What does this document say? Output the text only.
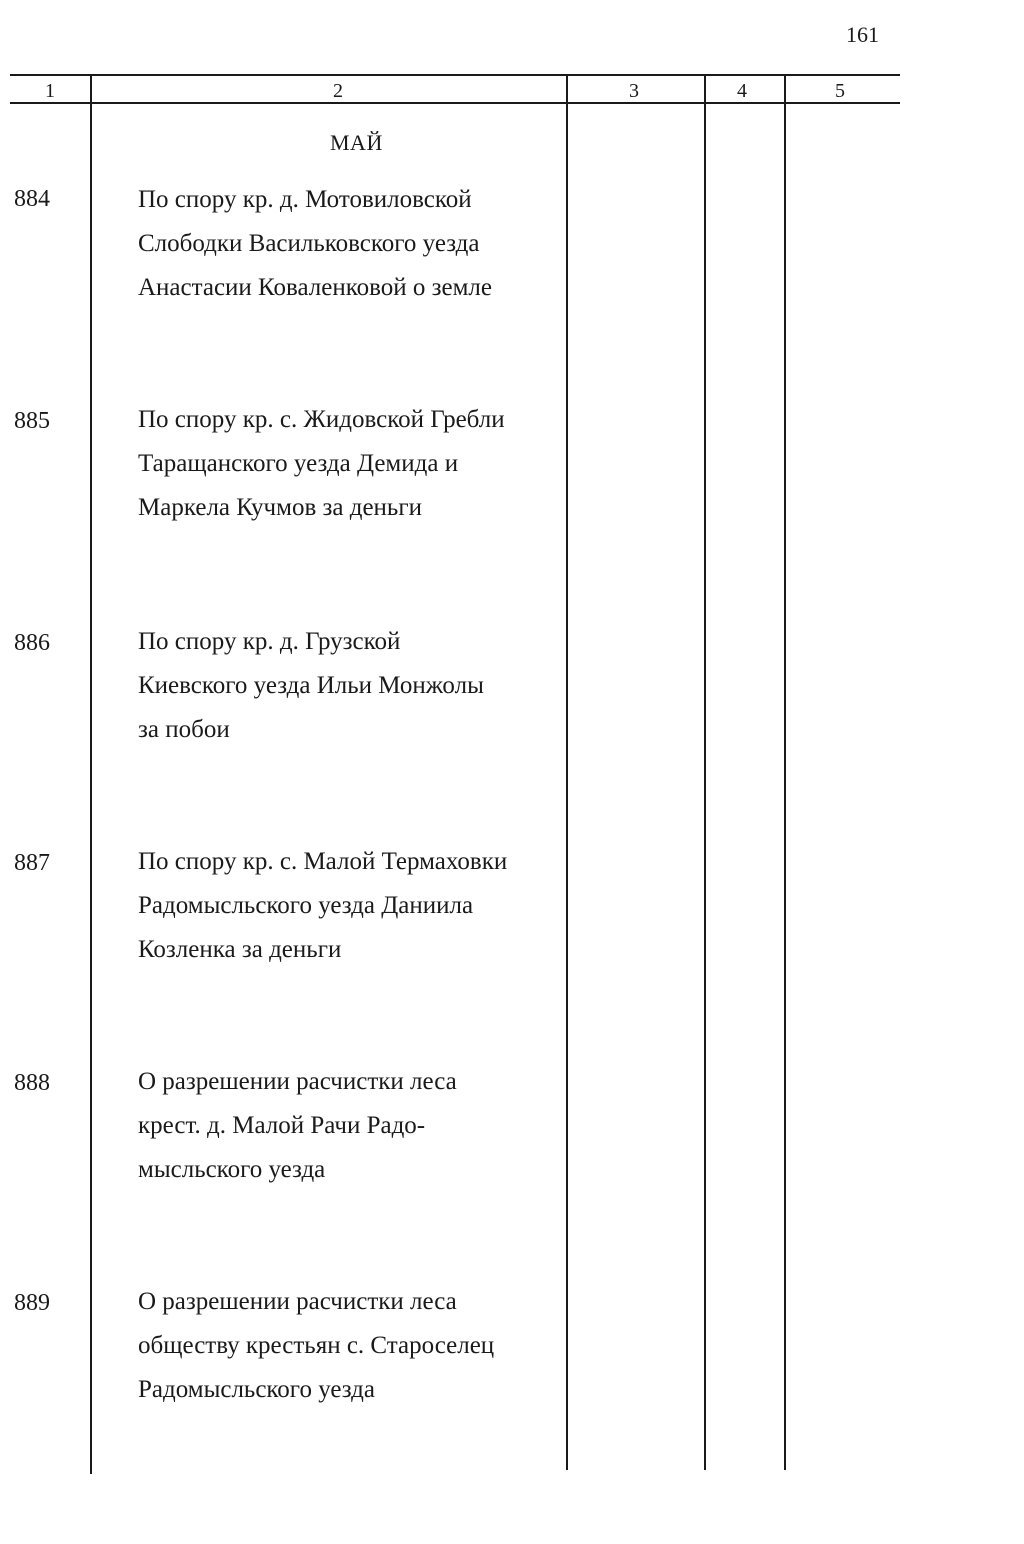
161
1	2	3	4	5
МАЙ
884	По спору кр. д. Мотовиловской
Слободки Васильковского уезда
Анастасии Коваленковой о земле
885	По спору кр. с. Жидовской Гребли
Таращанского уезда Демида и
Маркела Кучмов за деньги
886	По спору кр. д. Грузской
Киевского уезда Ильи Монжолы
за побои
887	По спору кр. с. Малой Термаховки
Радомысльского уезда Даниила
Козленка за деньги
888	О разрешении расчистки леса
крест. д. Малой Рачи Радо-
мысльского уезда
889	О разрешении расчистки леса
обществу крестьян с. Староселец
Радомысльского уезда
